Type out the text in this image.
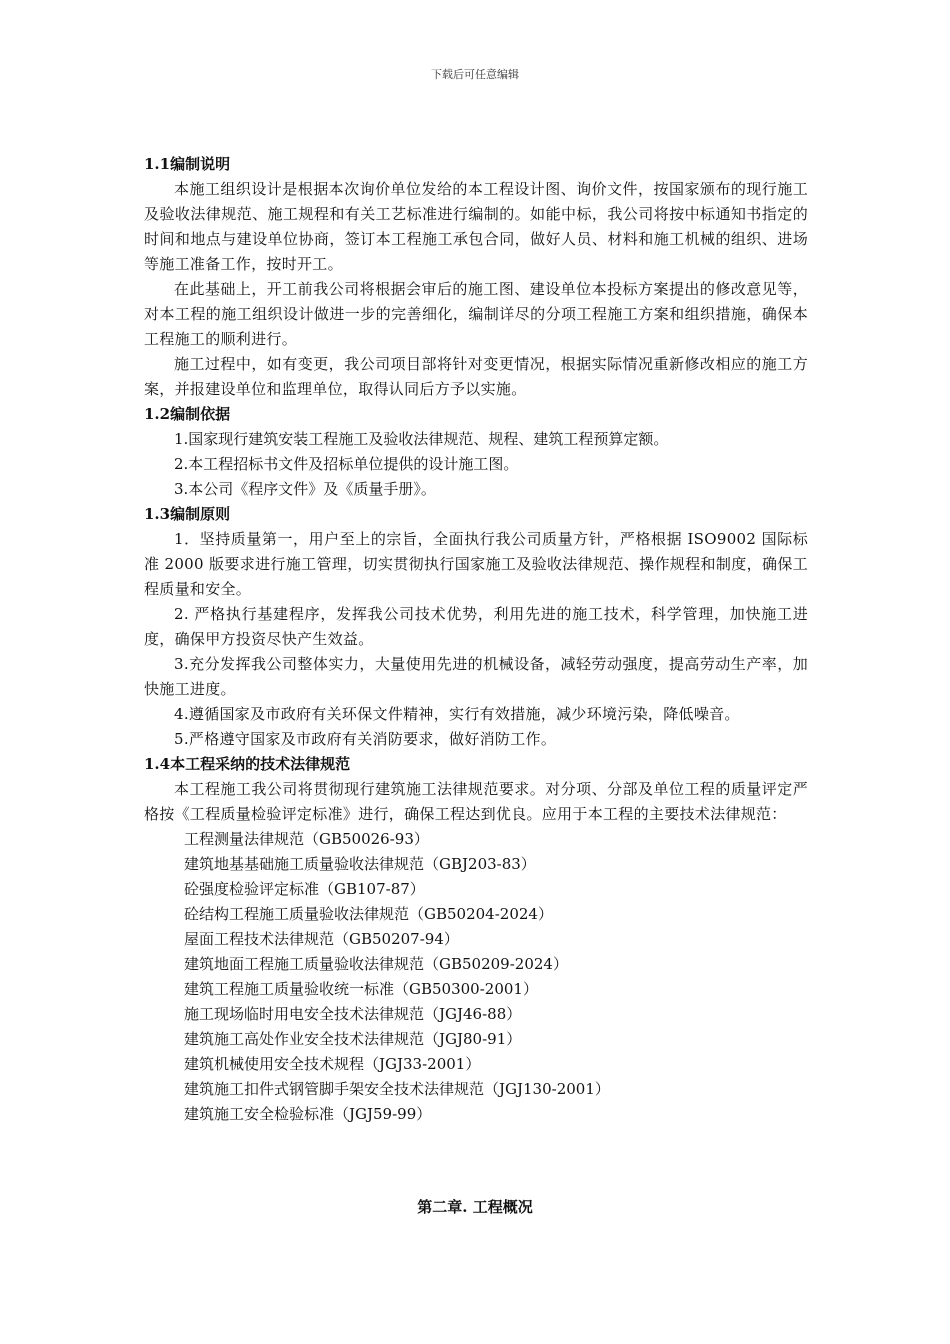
下载后可任意编辑

1.1编制说明

本施工组织设计是根据本次询价单位发给的本工程设计图、询价文件，按国家颁布的现行施工及验收法律规范、施工规程和有关工艺标准进行编制的。如能中标，我公司将按中标通知书指定的时间和地点与建设单位协商，签订本工程施工承包合同，做好人员、材料和施工机械的组织、进场等施工准备工作，按时开工。

在此基础上，开工前我公司将根据会审后的施工图、建设单位本投标方案提出的修改意见等，对本工程的施工组织设计做进一步的完善细化，编制详尽的分项工程施工方案和组织措施，确保本工程施工的顺利进行。

施工过程中，如有变更，我公司项目部将针对变更情况，根据实际情况重新修改相应的施工方案，并报建设单位和监理单位，取得认同后方予以实施。

1.2编制依据

1.国家现行建筑安装工程施工及验收法律规范、规程、建筑工程预算定额。

2.本工程招标书文件及招标单位提供的设计施工图。

3.本公司《程序文件》及《质量手册》。

1.3编制原则

1．坚持质量第一，用户至上的宗旨，全面执行我公司质量方针，严格根据 ISO9002 国际标准 2000 版要求进行施工管理，切实贯彻执行国家施工及验收法律规范、操作规程和制度，确保工程质量和安全。

2. 严格执行基建程序，发挥我公司技术优势，利用先进的施工技术，科学管理，加快施工进度，确保甲方投资尽快产生效益。

3.充分发挥我公司整体实力，大量使用先进的机械设备，减轻劳动强度，提高劳动生产率，加快施工进度。

4.遵循国家及市政府有关环保文件精神，实行有效措施，减少环境污染，降低噪音。

5.严格遵守国家及市政府有关消防要求，做好消防工作。

1.4本工程采纳的技术法律规范

本工程施工我公司将贯彻现行建筑施工法律规范要求。对分项、分部及单位工程的质量评定严格按《工程质量检验评定标准》进行，确保工程达到优良。应用于本工程的主要技术法律规范：

工程测量法律规范（GB50026-93）

建筑地基基础施工质量验收法律规范（GBJ203-83）

砼强度检验评定标准（GB107-87）

砼结构工程施工质量验收法律规范（GB50204-2024）

屋面工程技术法律规范（GB50207-94）

建筑地面工程施工质量验收法律规范（GB50209-2024）

建筑工程施工质量验收统一标准（GB50300-2001）

施工现场临时用电安全技术法律规范（JGJ46-88）

建筑施工高处作业安全技术法律规范（JGJ80-91）

建筑机械使用安全技术规程（JGJ33-2001）

建筑施工扣件式钢管脚手架安全技术法律规范（JGJ130-2001）

建筑施工安全检验标准（JGJ59-99）

第二章. 工程概况
